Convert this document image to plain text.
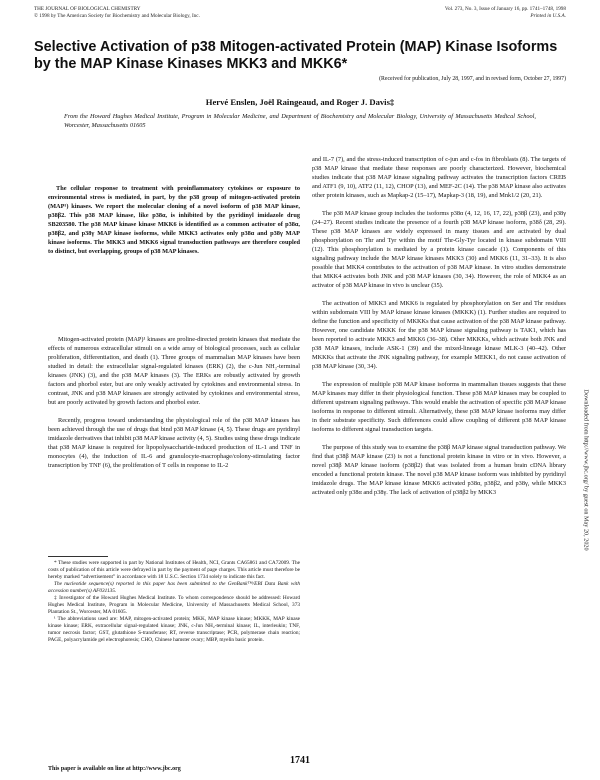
THE JOURNAL OF BIOLOGICAL CHEMISTRY
© 1998 by The American Society for Biochemistry and Molecular Biology, Inc.
Vol. 273, No. 3, Issue of January 16, pp. 1741–1748, 1998
Printed in U.S.A.
Selective Activation of p38 Mitogen-activated Protein (MAP) Kinase Isoforms by the MAP Kinase Kinases MKK3 and MKK6*
(Received for publication, July 28, 1997, and in revised form, October 27, 1997)
Hervé Enslen, Joël Raingeaud, and Roger J. Davis‡
From the Howard Hughes Medical Institute, Program in Molecular Medicine, and Department of Biochemistry and Molecular Biology, University of Massachusetts Medical School, Worcester, Massachusetts 01605

The cellular response to treatment with proinflammatory cytokines or exposure to environmental stress is mediated, in part, by the p38 group of mitogen-activated protein (MAP¹) kinases. We report the molecular cloning of a novel isoform of p38 MAP kinase, p38β2. This p38 MAP kinase, like p38α, is inhibited by the pyridinyl imidazole drug SB203580. The p38 MAP kinase kinase MKK6 is identified as a common activator of p38α, p38β2, and p38γ MAP kinase isoforms, while MKK3 activates only p38α and p38γ MAP kinase isoforms. The MKK3 and MKK6 signal transduction pathways are therefore coupled to distinct, but overlapping, groups of p38 MAP kinases.

Mitogen-activated protein (MAP)¹ kinases are proline-directed protein kinases that mediate the effects of numerous extracellular stimuli on a wide array of biological processes, such as cellular proliferation, differentiation, and death (1). Three groups of mammalian MAP kinases have been studied in detail: the extracellular signal-regulated kinases (ERK) (2), the c-Jun NH₂-terminal kinases (JNK) (3), and the p38 MAP kinases (3). The ERKs are robustly activated by growth factors and phorbol ester, but are only weakly activated by cytokines and environmental stress. In contrast, JNK and p38 MAP kinases are strongly activated by cytokines and environmental stress, but are poorly activated by growth factors and phorbol ester.

Recently, progress toward understanding the physiological role of the p38 MAP kinases has been achieved through the use of drugs that bind p38 MAP kinase (4, 5). These drugs are pyridinyl imidazole derivatives that inhibit p38 MAP kinase activity (4, 5). Studies using these drugs indicate that p38 MAP kinase is required for lipopolysaccharide-induced production of IL-1 and TNF in monocytes (4), the induction of IL-6 and granulocyte-macrophage/colony-stimulating factor transcription by TNF (6), the proliferation of T cells in response to IL-2

* These studies were supported in part by National Institutes of Health, NCI, Grants CA65861 and CA72009. The costs of publication of this article were defrayed in part by the payment of page charges. This article must therefore be hereby marked “advertisement” in accordance with 18 U.S.C. Section 1734 solely to indicate this fact.

The nucleotide sequence(s) reported in this paper has been submitted to the GenBank™/EBI Data Bank with accession number(s) AF031135.

‡ Investigator of the Howard Hughes Medical Institute. To whom correspondence should be addressed: Howard Hughes Medical Institute, Program in Molecular Medicine, University of Massachusetts Medical School, 373 Plantation St., Worcester, MA 01605.

¹ The abbreviations used are: MAP, mitogen-activated protein; MKK, MAP kinase kinase; MKKK, MAP kinase kinase kinase; ERK, extracellular signal-regulated kinase; JNK, c-Jun NH₂-terminal kinase; IL, interleukin; TNF, tumor necrosis factor; GST, glutathione S-transferase; RT, reverse transcriptase; PCR, polymerase chain reaction; PAGE, polyacrylamide gel electrophoresis; CHO, Chinese hamster ovary; MBP, myelin basic protein.

and IL-7 (7), and the stress-induced transcription of c-jun and c-fos in fibroblasts (8). The targets of p38 MAP kinase that mediate these responses are poorly characterized. However, biochemical studies indicate that p38 MAP kinase signaling pathway activates the transcription factors CREB and ATF1 (9, 10), ATF2 (11, 12), CHOP (13), and MEF-2C (14). The p38 MAP kinase also activates other protein kinases, such as Mapkap-2 (15–17), Mapkap-3 (18, 19), and Mnk1/2 (20, 21).

The p38 MAP kinase group includes the isoforms p38α (4, 12, 16, 17, 22), p38β (23), and p38γ (24–27). Recent studies indicate the presence of a fourth p38 MAP kinase isoform, p38δ (28, 29). These p38 MAP kinases are widely expressed in many tissues and are activated by dual phosphorylation on Thr and Tyr within the motif Thr-Gly-Tyr located in kinase subdomain VIII (12). This phosphorylation is mediated by a protein kinase cascade (1). Components of this signaling pathway include the MAP kinase kinases MKK3 (30) and MKK6 (11, 31–33). It is also possible that MKK4 contributes to the activation of p38 MAP kinase. In vitro studies demonstrate that MKK4 activates both JNK and p38 MAP kinases (30, 34). However, the role of MKK4 as an activator of p38 MAP kinase in vivo is unclear (35).

The activation of MKK3 and MKK6 is regulated by phosphorylation on Ser and Thr residues within subdomain VIII by MAP kinase kinase kinases (MKKK) (1). Further studies are required to define the function and specificity of MKKKs that cause activation of the p38 MAP kinase pathway. However, one candidate MKKK for the p38 MAP kinase signaling pathway is TAK1, which has been reported to activate MKK3 and MKK6 (36–38). Other MKKKs, which activate both JNK and p38 MAP kinases, include ASK-1 (39) and the mixed-lineage kinase MLK-3 (40–42). Other MKKKs that activate the JNK signaling pathway, for example MEKK1, do not cause activation of p38 MAP kinase (30, 34).

The expression of multiple p38 MAP kinase isoforms in mammalian tissues suggests that these MAP kinases may differ in their physiological function. These p38 MAP kinases may be coupled to different upstream signaling pathways. This would enable the activation of specific p38 MAP kinase isoforms in response to different stimuli. Alternatively, these p38 MAP kinase isoforms may differ in their substrate specificity. Such differences could allow coupling of different p38 MAP kinase isoforms to different signal transduction targets.

The purpose of this study was to examine the p38β MAP kinase signal transduction pathway. We find that p38β MAP kinase (23) is not a functional protein kinase in vitro or in vivo. However, a novel p38β MAP kinase isoform (p38β2) that was isolated from a human brain cDNA library encoded a functional protein kinase. The novel p38 MAP kinase isoform was inhibited by pyridinyl imidazole drugs. The MAP kinase kinase MKK6 activated p38α, p38β2, and p38γ, while MKK3 activated only p38α and p38γ. The lack of activation of p38β2 by MKK3

1741
This paper is available on line at http://www.jbc.org
Downloaded from http://www.jbc.org/ by guest on May 20, 2020
